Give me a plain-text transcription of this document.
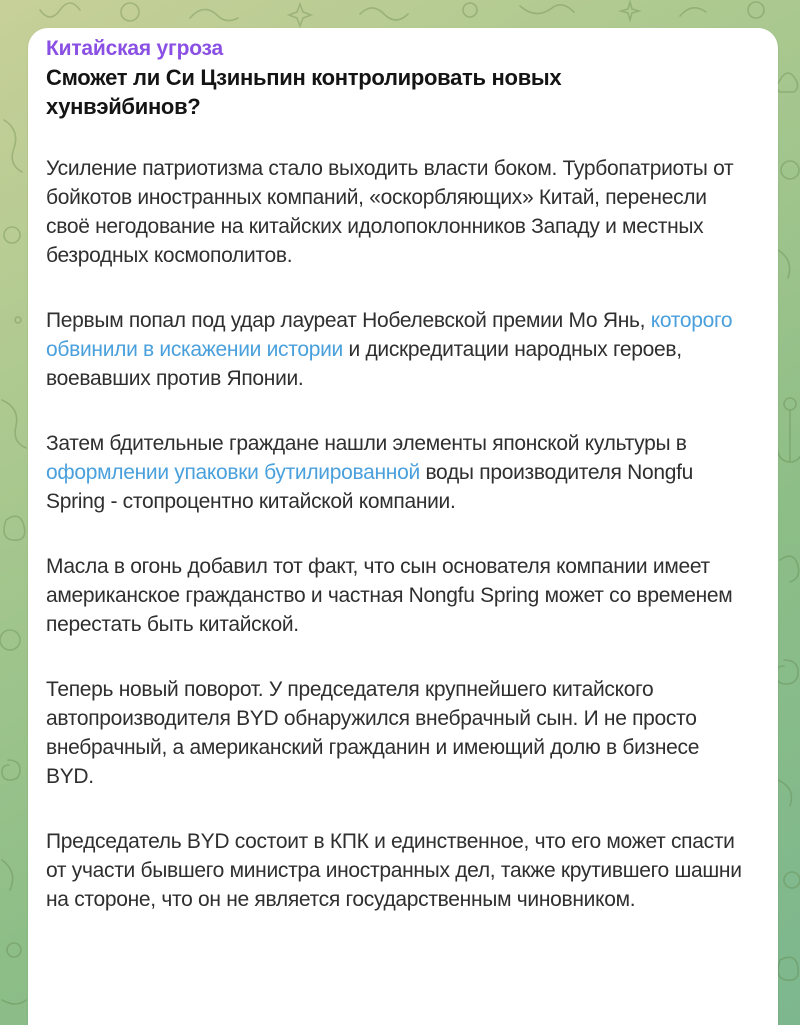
Китайская угроза
Сможет ли Си Цзиньпин контролировать новых хунвэйбинов?

Усиление патриотизма стало выходить власти боком. Турбопатриоты от бойкотов иностранных компаний, «оскорбляющих» Китай, перенесли своё негодование на китайских идолопоклонников Западу и местных безродных космополитов.

Первым попал под удар лауреат Нобелевской премии Мо Янь, которого обвинили в искажении истории и дискредитации народных героев, воевавших против Японии.

Затем бдительные граждане нашли элементы японской культуры в оформлении упаковки бутилированной воды производителя Nongfu Spring - стопроцентно китайской компании.

Масла в огонь добавил тот факт, что сын основателя компании имеет американское гражданство и частная Nongfu Spring может со временем перестать быть китайской.

Теперь новый поворот. У председателя крупнейшего китайского автопроизводителя BYD обнаружился внебрачный сын. И не просто внебрачный, а американский гражданин и имеющий долю в бизнесе BYD.

Председатель BYD состоит в КПК и единственное, что его может спасти от участи бывшего министра иностранных дел, также крутившего шашни на стороне, что он не является государственным чиновником.
